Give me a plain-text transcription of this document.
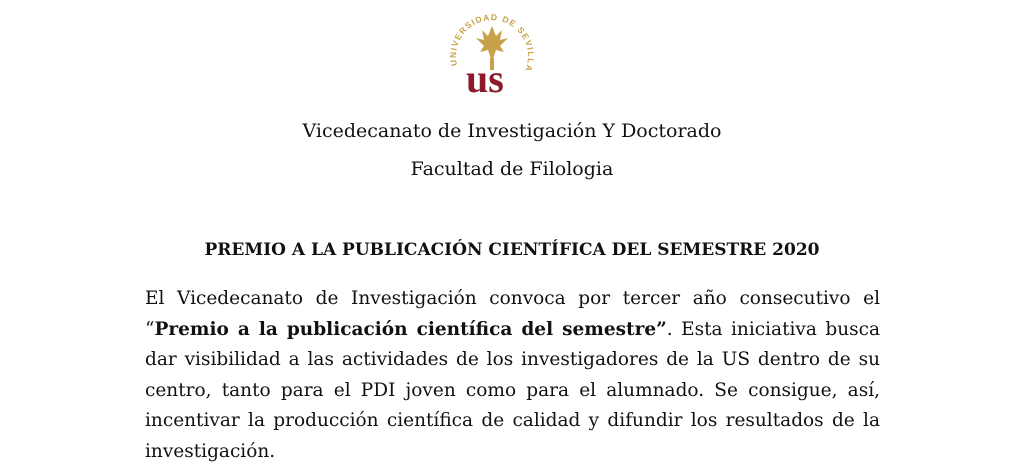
UNIVERSIDAD DE SEVILLA
us
Vicedecanato de Investigación Y Doctorado
Facultad de Filologia
PREMIO A LA PUBLICACIÓN CIENTÍFICA DEL SEMESTRE 2020

El Vicedecanato de Investigación convoca por tercer año consecutivo el “Premio a la publicación científica del semestre”. Esta iniciativa busca dar visibilidad a las actividades de los investigadores de la US dentro de su centro, tanto para el PDI joven como para el alumnado. Se consigue, así, incentivar la producción científica de calidad y difundir los resultados de la investigación.
